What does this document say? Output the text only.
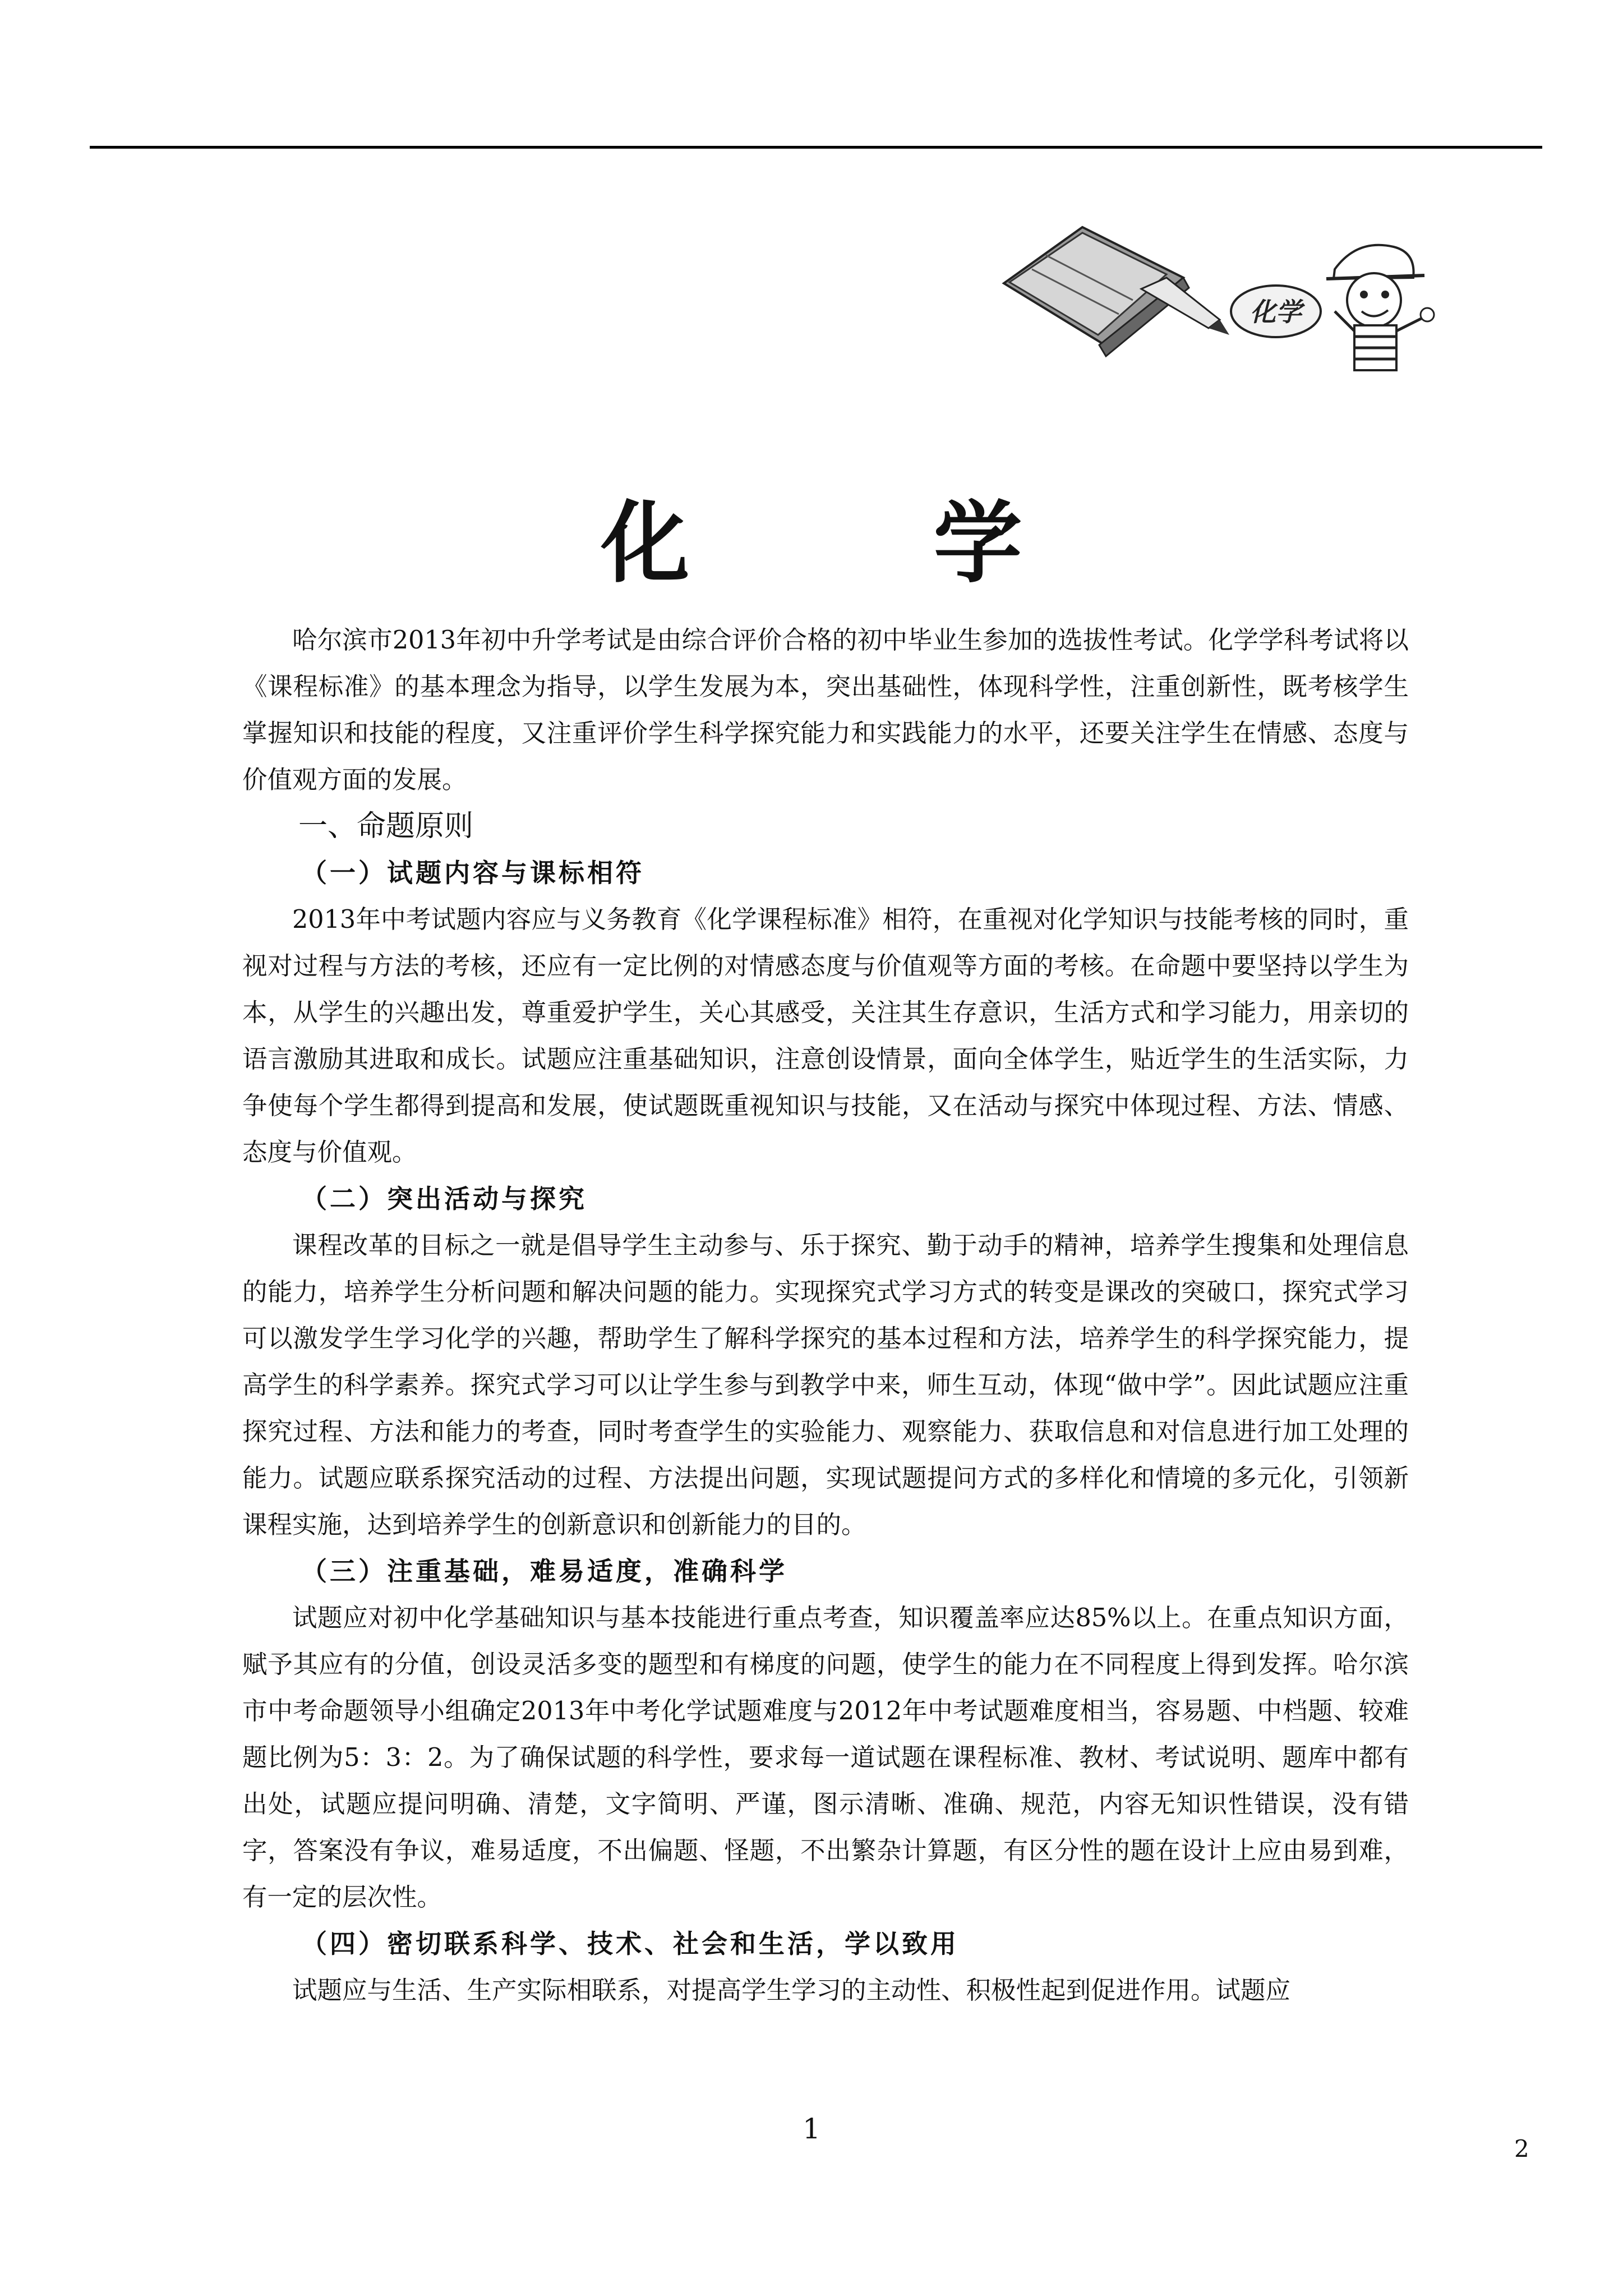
化学
化 学

哈尔滨市2013年初中升学考试是由综合评价合格的初中毕业生参加的选拔性考试。化学学科考试将以《课程标准》的基本理念为指导，以学生发展为本，突出基础性，体现科学性，注重创新性，既考核学生掌握知识和技能的程度，又注重评价学生科学探究能力和实践能力的水平，还要关注学生在情感、态度与价值观方面的发展。

一、命题原则
（一）试题内容与课标相符

2013年中考试题内容应与义务教育《化学课程标准》相符，在重视对化学知识与技能考核的同时，重视对过程与方法的考核，还应有一定比例的对情感态度与价值观等方面的考核。在命题中要坚持以学生为本，从学生的兴趣出发，尊重爱护学生，关心其感受，关注其生存意识，生活方式和学习能力，用亲切的语言激励其进取和成长。试题应注重基础知识，注意创设情景，面向全体学生，贴近学生的生活实际，力争使每个学生都得到提高和发展，使试题既重视知识与技能，又在活动与探究中体现过程、方法、情感、态度与价值观。

（二）突出活动与探究

课程改革的目标之一就是倡导学生主动参与、乐于探究、勤于动手的精神，培养学生搜集和处理信息的能力，培养学生分析问题和解决问题的能力。实现探究式学习方式的转变是课改的突破口，探究式学习可以激发学生学习化学的兴趣，帮助学生了解科学探究的基本过程和方法，培养学生的科学探究能力，提高学生的科学素养。探究式学习可以让学生参与到教学中来，师生互动，体现“做中学”。因此试题应注重探究过程、方法和能力的考查，同时考查学生的实验能力、观察能力、获取信息和对信息进行加工处理的能力。试题应联系探究活动的过程、方法提出问题，实现试题提问方式的多样化和情境的多元化，引领新课程实施，达到培养学生的创新意识和创新能力的目的。

（三）注重基础，难易适度，准确科学

试题应对初中化学基础知识与基本技能进行重点考查，知识覆盖率应达85%以上。在重点知识方面，赋予其应有的分值，创设灵活多变的题型和有梯度的问题，使学生的能力在不同程度上得到发挥。哈尔滨市中考命题领导小组确定2013年中考化学试题难度与2012年中考试题难度相当，容易题、中档题、较难题比例为5：3：2。为了确保试题的科学性，要求每一道试题在课程标准、教材、考试说明、题库中都有出处，试题应提问明确、清楚，文字简明、严谨，图示清晰、准确、规范，内容无知识性错误，没有错字，答案没有争议，难易适度，不出偏题、怪题，不出繁杂计算题，有区分性的题在设计上应由易到难，有一定的层次性。

（四）密切联系科学、技术、社会和生活，学以致用

试题应与生活、生产实际相联系，对提高学生学习的主动性、积极性起到促进作用。试题应

1
2
